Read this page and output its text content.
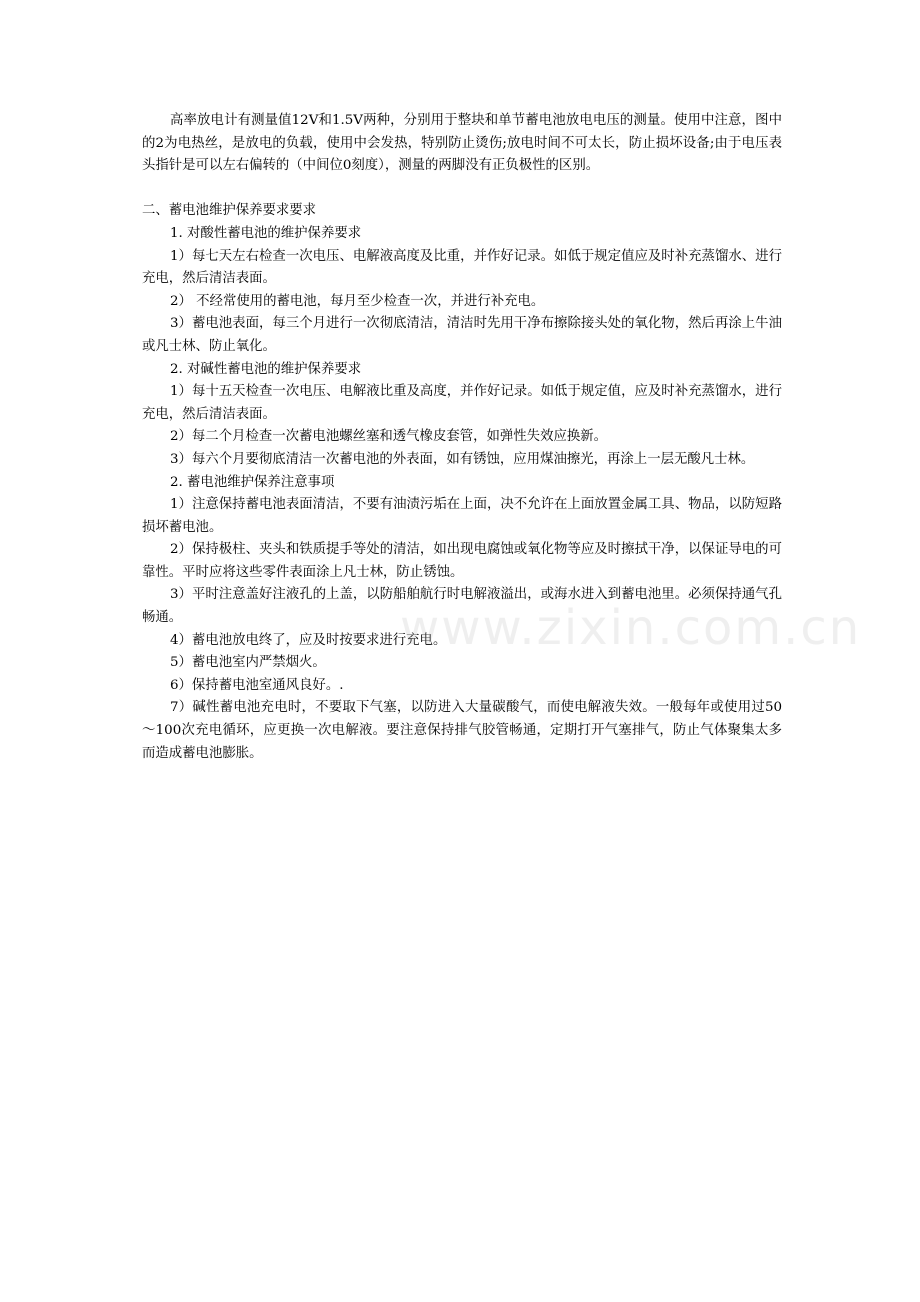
高率放电计有测量值12V和1.5V两种，分别用于整块和单节蓄电池放电电压的测量。使用中注意，图中的2为电热丝，是放电的负载，使用中会发热，特别防止烫伤;放电时间不可太长，防止损坏设备;由于电压表头指针是可以左右偏转的（中间位0刻度），测量的两脚没有正负极性的区别。

二、蓄电池维护保养要求要求

1. 对酸性蓄电池的维护保养要求

1）每七天左右检查一次电压、电解液高度及比重，并作好记录。如低于规定值应及时补充蒸馏水、进行充电，然后清洁表面。

2） 不经常使用的蓄电池，每月至少检查一次，并进行补充电。

3）蓄电池表面，每三个月进行一次彻底清洁，清洁时先用干净布擦除接头处的氧化物，然后再涂上牛油或凡士林、防止氧化。

2. 对碱性蓄电池的维护保养要求

1）每十五天检查一次电压、电解液比重及高度，并作好记录。如低于规定值，应及时补充蒸馏水，进行充电，然后清洁表面。

2）每二个月检查一次蓄电池螺丝塞和透气橡皮套管，如弹性失效应换新。

3）每六个月要彻底清洁一次蓄电池的外表面，如有锈蚀，应用煤油擦光，再涂上一层无酸凡士林。

2. 蓄电池维护保养注意事项

1）注意保持蓄电池表面清洁，不要有油渍污垢在上面，决不允许在上面放置金属工具、物品，以防短路损坏蓄电池。

2）保持极柱、夹头和铁质提手等处的清洁，如出现电腐蚀或氧化物等应及时擦拭干净，以保证导电的可靠性。平时应将这些零件表面涂上凡士林，防止锈蚀。

3）平时注意盖好注液孔的上盖，以防船舶航行时电解液溢出，或海水进入到蓄电池里。必须保持通气孔畅通。

4）蓄电池放电终了，应及时按要求进行充电。

5）蓄电池室内严禁烟火。

6）保持蓄电池室通风良好。.

7）碱性蓄电池充电时，不要取下气塞，以防进入大量碳酸气，而使电解液失效。一般每年或使用过50～100次充电循环，应更换一次电解液。要注意保持排气胶管畅通，定期打开气塞排气，防止气体聚集太多而造成蓄电池膨胀。

www.zixin.com.cn
